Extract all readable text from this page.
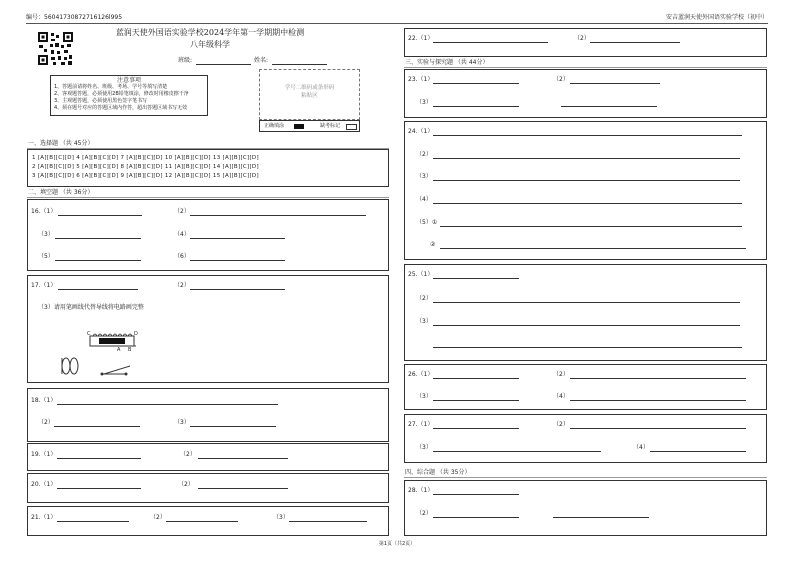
编号：56041730872716126l995	安吉蓝润天使外国语实验学校（初中）
蓝润天使外国语实验学校2024学年第一学期期中检测
八年级科学
班级:	姓名:
注意事项
1、答题前请将姓名、班级、考场、学号等填写清楚
2、客观题答题，必须使用2B铅笔填涂，修改时用橡皮擦干净
3、主观题答题，必须使用黑色签字笔书写
4、须在题号对应的答题区域内作答，超出答题区域书写无效
学号二维码或条形码
粘贴区
正确填涂	缺考标记
一、选择题 （共 45分）
1 [A][B][C][D] 4 [A][B][C][D] 7 [A][B][C][D] 10 [A][B][C][D] 13 [A][B][C][D]
2 [A][B][C][D] 5 [A][B][C][D] 8 [A][B][C][D] 11 [A][B][C][D] 14 [A][B][C][D]
3 [A][B][C][D] 6 [A][B][C][D] 9 [A][B][C][D] 12 [A][B][C][D] 15 [A][B][C][D]
二、填空题 （共 36分）
16.（1）	（2）
（3）	（4）
（5）	（6）
17.（1）	（2）
（3）请用笔画线代替导线将电路画完整
C	D
A B
18.（1）
（2）	（3）
19.（1）	（2）
20.（1）	（2）
21.（1）	（2）	（3）
22.（1）	（2）
三、实验与探究题 （共 44分）
23.（1）	（2）
（3）
24.（1）
（2）
（3）
（4）
（5）①
②
25.（1）
（2）
（3）
26.（1）	（2）
（3）	（4）
27.（1）	（2）
（3）	（4）
四、综合题 （共 35分）
28.（1）
（2）
第1页（共2页）
